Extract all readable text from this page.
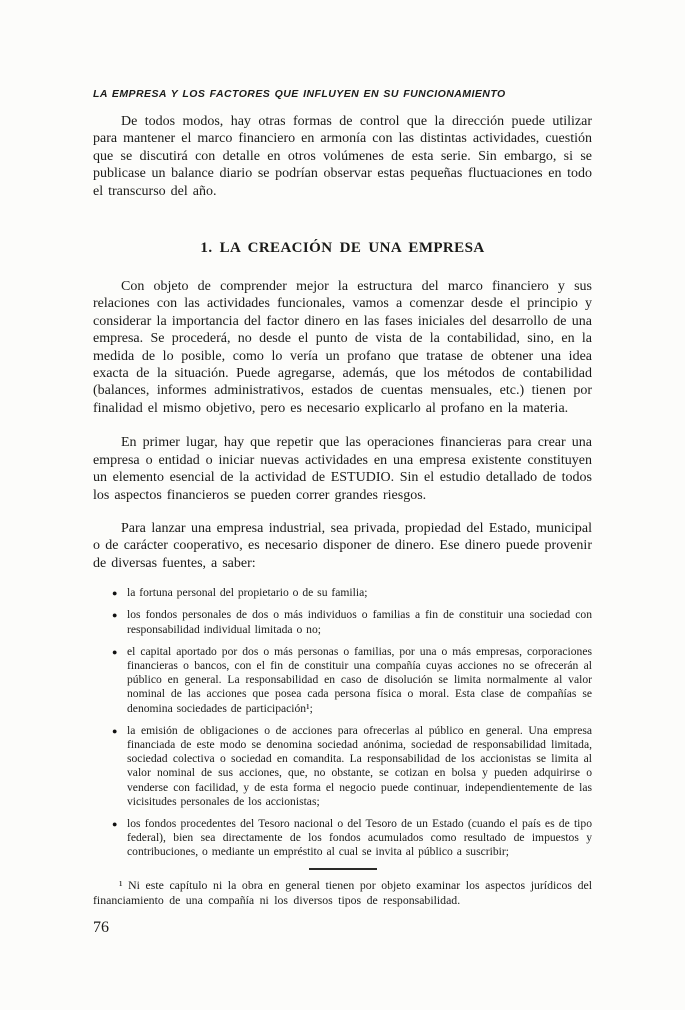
LA EMPRESA Y LOS FACTORES QUE INFLUYEN EN SU FUNCIONAMIENTO

De todos modos, hay otras formas de control que la dirección puede utilizar para mantener el marco financiero en armonía con las distintas actividades, cuestión que se discutirá con detalle en otros volúmenes de esta serie. Sin embargo, si se publicase un balance diario se podrían observar estas pequeñas fluctuaciones en todo el transcurso del año.

1. LA CREACIÓN DE UNA EMPRESA

Con objeto de comprender mejor la estructura del marco financiero y sus relaciones con las actividades funcionales, vamos a comenzar desde el principio y considerar la importancia del factor dinero en las fases iniciales del desarrollo de una empresa. Se procederá, no desde el punto de vista de la contabilidad, sino, en la medida de lo posible, como lo vería un profano que tratase de obtener una idea exacta de la situación. Puede agregarse, además, que los métodos de contabilidad (balances, informes administrativos, estados de cuentas mensuales, etc.) tienen por finalidad el mismo objetivo, pero es necesario explicarlo al profano en la materia.

En primer lugar, hay que repetir que las operaciones financieras para crear una empresa o entidad o iniciar nuevas actividades en una empresa existente constituyen un elemento esencial de la actividad de ESTUDIO. Sin el estudio detallado de todos los aspectos financieros se pueden correr grandes riesgos.

Para lanzar una empresa industrial, sea privada, propiedad del Estado, municipal o de carácter cooperativo, es necesario disponer de dinero. Ese dinero puede provenir de diversas fuentes, a saber:

● la fortuna personal del propietario o de su familia;
● los fondos personales de dos o más individuos o familias a fin de constituir una sociedad con responsabilidad individual limitada o no;
● el capital aportado por dos o más personas o familias, por una o más empresas, corporaciones financieras o bancos, con el fin de constituir una compañía cuyas acciones no se ofrecerán al público en general. La responsabilidad en caso de disolución se limita normalmente al valor nominal de las acciones que posea cada persona física o moral. Esta clase de compañías se denomina sociedades de participación¹;
● la emisión de obligaciones o de acciones para ofrecerlas al público en general. Una empresa financiada de este modo se denomina sociedad anónima, sociedad de responsabilidad limitada, sociedad colectiva o sociedad en comandita. La responsabilidad de los accionistas se limita al valor nominal de sus acciones, que, no obstante, se cotizan en bolsa y pueden adquirirse o venderse con facilidad, y de esta forma el negocio puede continuar, independientemente de las vicisitudes personales de los accionistas;
● los fondos procedentes del Tesoro nacional o del Tesoro de un Estado (cuando el país es de tipo federal), bien sea directamente de los fondos acumulados como resultado de impuestos y contribuciones, o mediante un empréstito al cual se invita al público a suscribir;

¹ Ni este capítulo ni la obra en general tienen por objeto examinar los aspectos jurídicos del financiamiento de una compañía ni los diversos tipos de responsabilidad.

76
